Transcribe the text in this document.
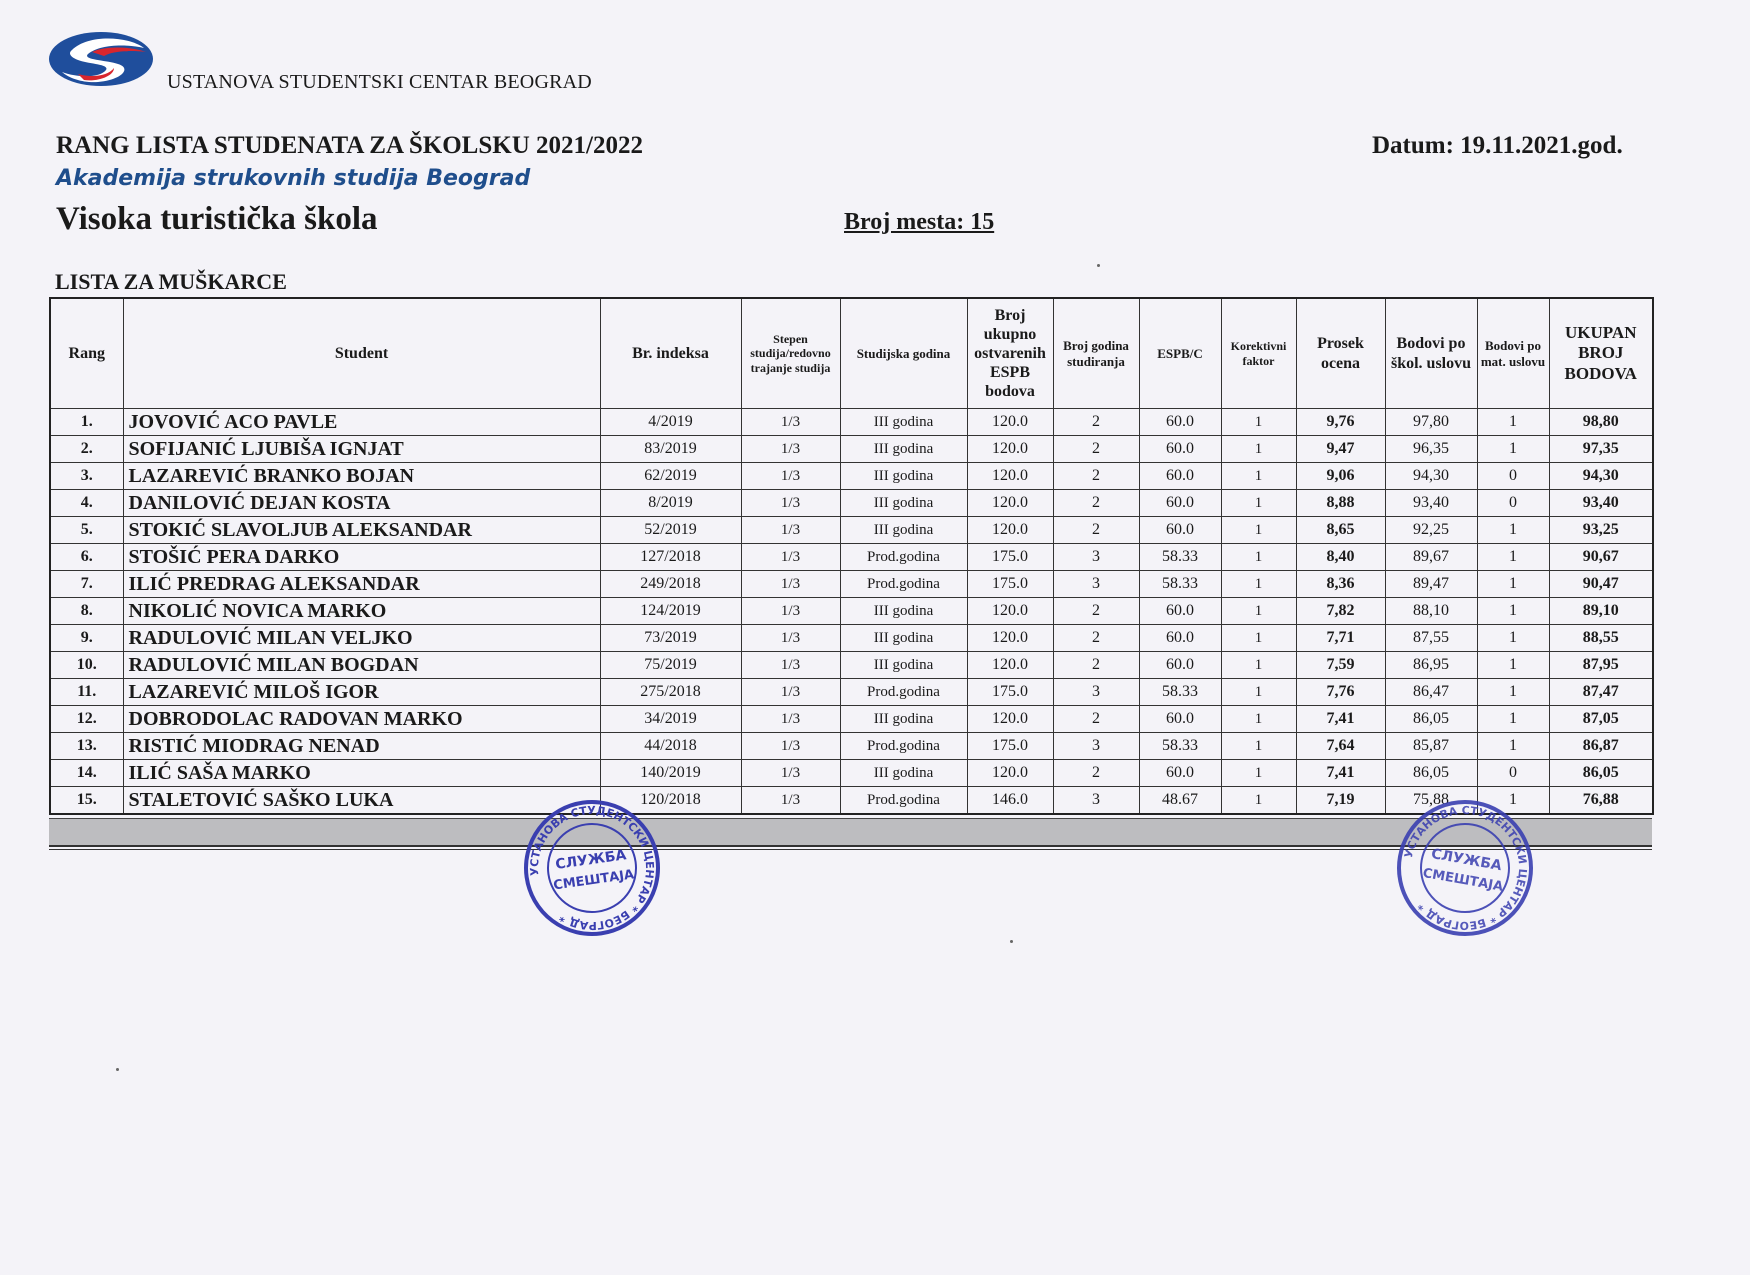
USTANOVA STUDENTSKI CENTAR BEOGRAD
RANG LISTA STUDENATA ZA ŠKOLSKU 2021/2022	Datum: 19.11.2021.god.
Akademija strukovnih studija Beograd
Visoka turistička škola	Broj mesta: 15
LISTA ZA MUŠKARCE
Rang	Student	Br. indeksa	Stepen studija/redovno trajanje studija	Studijska godina	Broj ukupno ostvarenih ESPB bodova	Broj godina studiranja	ESPB/C	Korektivni faktor	Prosek ocena	Bodovi po škol. uslovu	Bodovi po mat. uslovu	UKUPAN BROJ BODOVA
1.	JOVOVIĆ ACO PAVLE	4/2019	1/3	III godina	120.0	2	60.0	1	9,76	97,80	1	98,80
2.	SOFIJANIĆ LJUBIŠA IGNJAT	83/2019	1/3	III godina	120.0	2	60.0	1	9,47	96,35	1	97,35
3.	LAZAREVIĆ BRANKO BOJAN	62/2019	1/3	III godina	120.0	2	60.0	1	9,06	94,30	0	94,30
4.	DANILOVIĆ DEJAN KOSTA	8/2019	1/3	III godina	120.0	2	60.0	1	8,88	93,40	0	93,40
5.	STOKIĆ SLAVOLJUB ALEKSANDAR	52/2019	1/3	III godina	120.0	2	60.0	1	8,65	92,25	1	93,25
6.	STOŠIĆ PERA DARKO	127/2018	1/3	Prod.godina	175.0	3	58.33	1	8,40	89,67	1	90,67
7.	ILIĆ PREDRAG ALEKSANDAR	249/2018	1/3	Prod.godina	175.0	3	58.33	1	8,36	89,47	1	90,47
8.	NIKOLIĆ NOVICA MARKO	124/2019	1/3	III godina	120.0	2	60.0	1	7,82	88,10	1	89,10
9.	RADULOVIĆ MILAN VELJKO	73/2019	1/3	III godina	120.0	2	60.0	1	7,71	87,55	1	88,55
10.	RADULOVIĆ MILAN BOGDAN	75/2019	1/3	III godina	120.0	2	60.0	1	7,59	86,95	1	87,95
11.	LAZAREVIĆ MILOŠ IGOR	275/2018	1/3	Prod.godina	175.0	3	58.33	1	7,76	86,47	1	87,47
12.	DOBRODOLAC RADOVAN MARKO	34/2019	1/3	III godina	120.0	2	60.0	1	7,41	86,05	1	87,05
13.	RISTIĆ MIODRAG NENAD	44/2018	1/3	Prod.godina	175.0	3	58.33	1	7,64	85,87	1	86,87
14.	ILIĆ SAŠA MARKO	140/2019	1/3	III godina	120.0	2	60.0	1	7,41	86,05	0	86,05
15.	STALETOVIĆ SAŠKO LUKA	120/2018	1/3	Prod.godina	146.0	3	48.67	1	7,19	75,88	1	76,88
УСТАНОВА СТУДЕНТСКИ ЦЕНТАР * БЕОГРАД *
СЛУЖБА
СМЕШТАЈА
УСТАНОВА СТУДЕНТСКИ ЦЕНТАР * БЕОГРАД *
СЛУЖБА
СМЕШТАЈА
